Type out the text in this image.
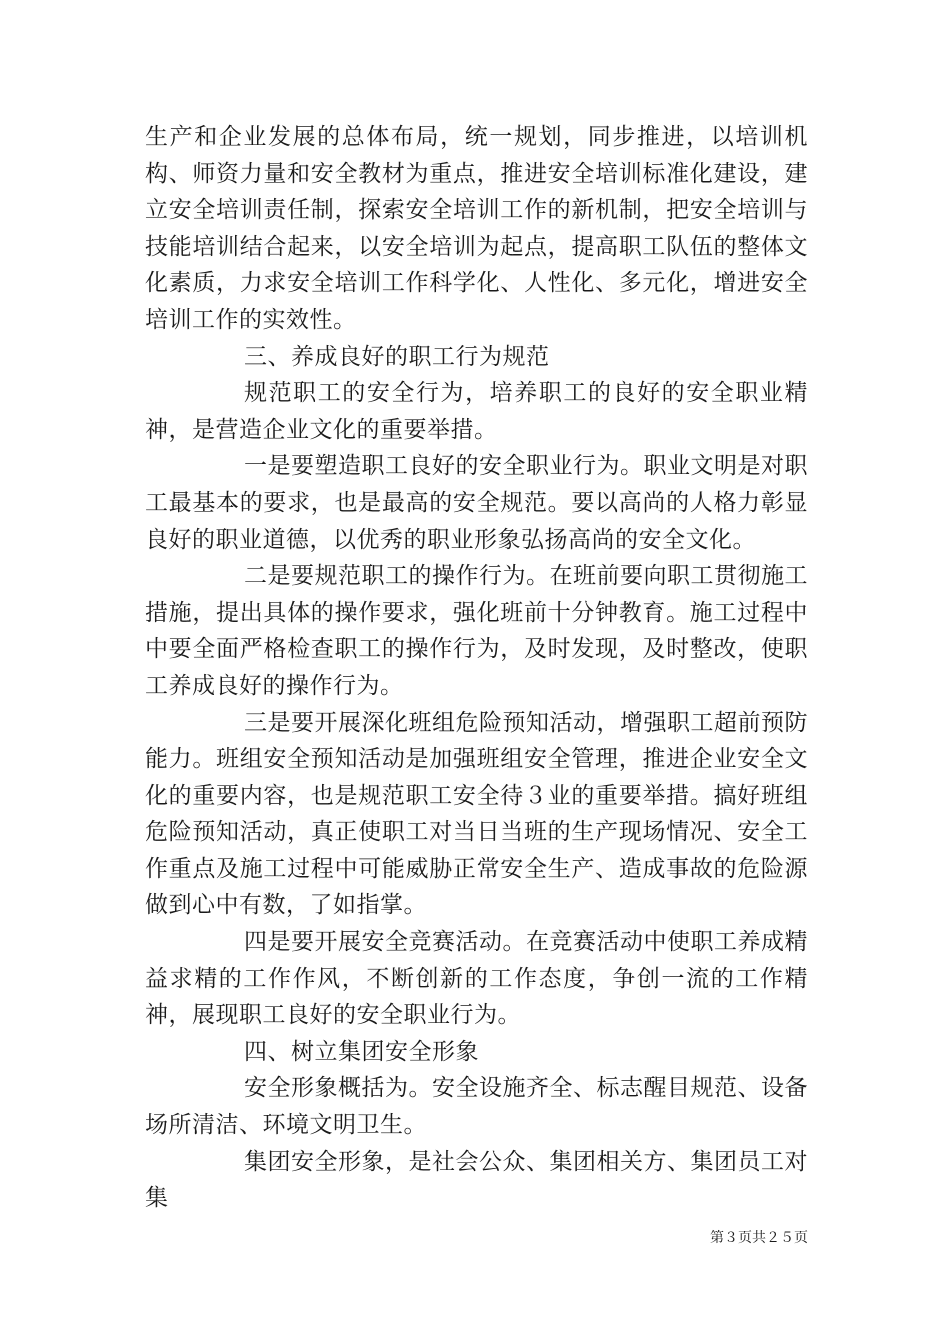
生产和企业发展的总体布局，统一规划，同步推进，以培训机构、师资力量和安全教材为重点，推进安全培训标准化建设，建立安全培训责任制，探索安全培训工作的新机制，把安全培训与技能培训结合起来，以安全培训为起点，提高职工队伍的整体文化素质，力求安全培训工作科学化、人性化、多元化，增进安全培训工作的实效性。

三、养成良好的职工行为规范

规范职工的安全行为，培养职工的良好的安全职业精神，是营造企业文化的重要举措。

一是要塑造职工良好的安全职业行为。职业文明是对职工最基本的要求，也是最高的安全规范。要以高尚的人格力彰显良好的职业道德，以优秀的职业形象弘扬高尚的安全文化。

二是要规范职工的操作行为。在班前要向职工贯彻施工措施，提出具体的操作要求，强化班前十分钟教育。施工过程中中要全面严格检查职工的操作行为，及时发现，及时整改，使职工养成良好的操作行为。

三是要开展深化班组危险预知活动，增强职工超前预防能力。班组安全预知活动是加强班组安全管理，推进企业安全文化的重要内容，也是规范职工安全待３业的重要举措。搞好班组危险预知活动，真正使职工对当日当班的生产现场情况、安全工作重点及施工过程中可能威胁正常安全生产、造成事故的危险源做到心中有数，了如指掌。

四是要开展安全竞赛活动。在竞赛活动中使职工养成精益求精的工作作风，不断创新的工作态度，争创一流的工作精神，展现职工良好的安全职业行为。

四、树立集团安全形象

安全形象概括为。安全设施齐全、标志醒目规范、设备场所清洁、环境文明卫生。

集团安全形象，是社会公众、集团相关方、集团员工对集

第３页共２５页
